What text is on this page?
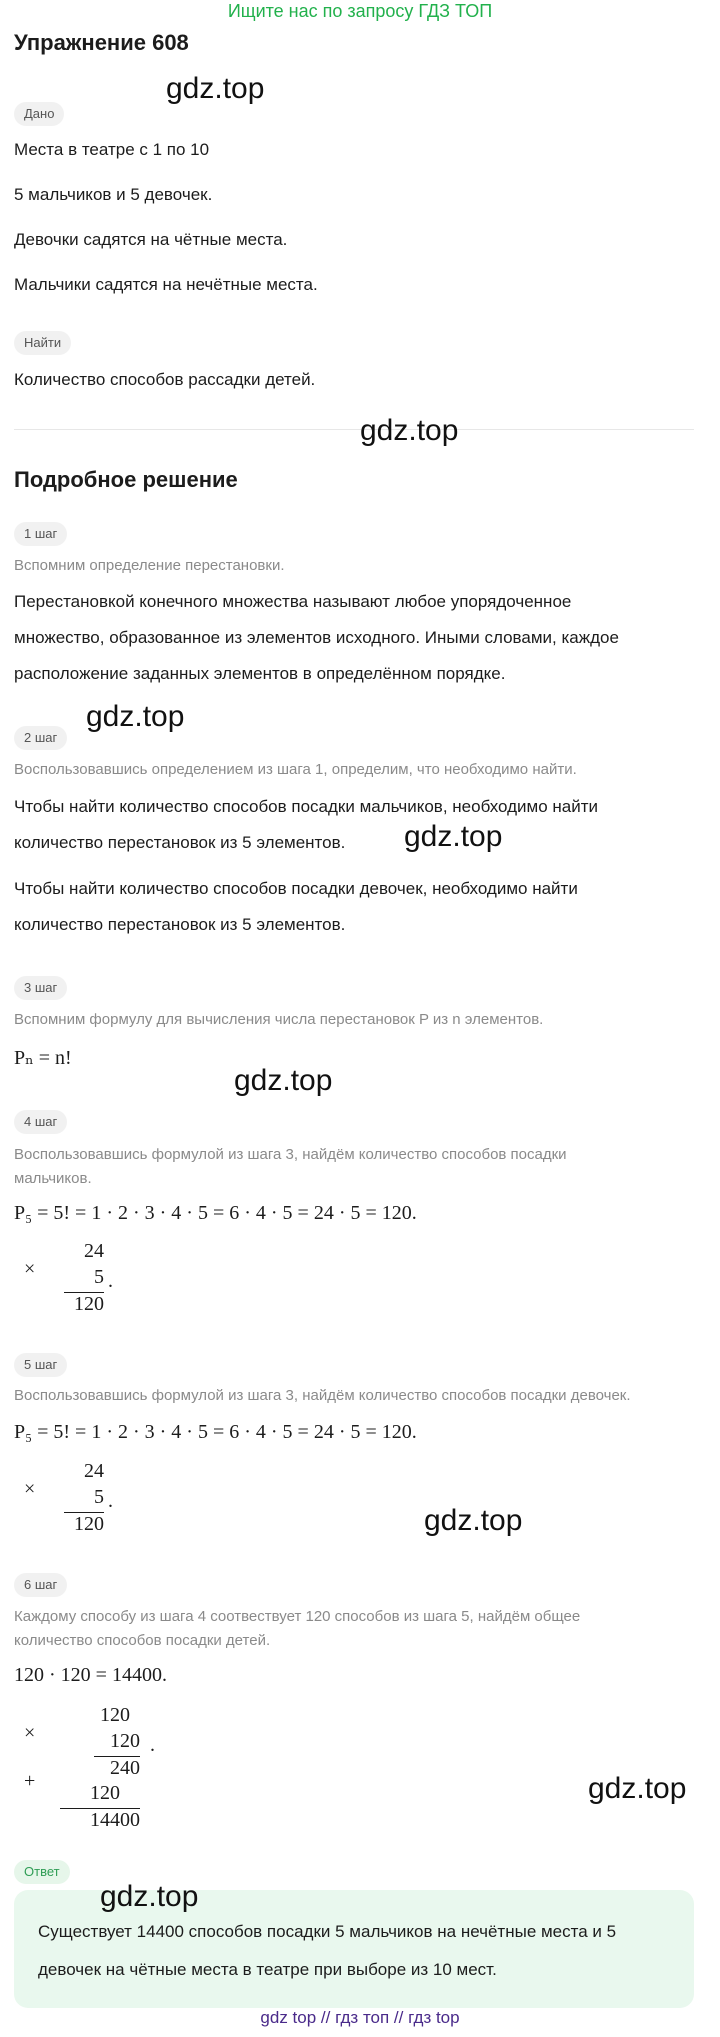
Ищите нас по запросу ГДЗ ТОП
Упражнение 608
Дано
Места в театре с 1 по 10
5 мальчиков и 5 девочек.
Девочки садятся на чётные места.
Мальчики садятся на нечётные места.
Найти
Количество способов рассадки детей.
Подробное решение
1 шаг
Вспомним определение перестановки.
Перестановкой конечного множества называют любое упорядоченное
множество, образованное из элементов исходного. Иными словами, каждое
расположение заданных элементов в определённом порядке.
2 шаг
Воспользовавшись определением из шага 1, определим, что необходимо найти.
Чтобы найти количество способов посадки мальчиков, необходимо найти
количество перестановок из 5 элементов.
Чтобы найти количество способов посадки девочек, необходимо найти
количество перестановок из 5 элементов.
3 шаг
Вспомним формулу для вычисления числа перестановок P из n элементов.
Pₙ = n!
4 шаг
Воспользовавшись формулой из шага 3, найдём количество способов посадки
мальчиков.
P₅ = 5! = 1 · 2 · 3 · 4 · 5 = 6 · 4 · 5 = 24 · 5 = 120.
×
24
5
120
.
5 шаг
Воспользовавшись формулой из шага 3, найдём количество способов посадки девочек.
P₅ = 5! = 1 · 2 · 3 · 4 · 5 = 6 · 4 · 5 = 24 · 5 = 120.
×
24
5
120
.
6 шаг
Каждому способу из шага 4 соотвествует 120 способов из шага 5, найдём общее
количество способов посадки детей.
120 · 120 = 14400.
×
120
120
240
.
+
120
14400
Ответ
Существует 14400 способов посадки 5 мальчиков на нечётные места и 5
девочек на чётные места в театре при выборе из 10 мест.
gdz.top
gdz.top
gdz.top
gdz.top
gdz.top
gdz.top
gdz.top
gdz.top
gdz top // гдз топ // гдз top
